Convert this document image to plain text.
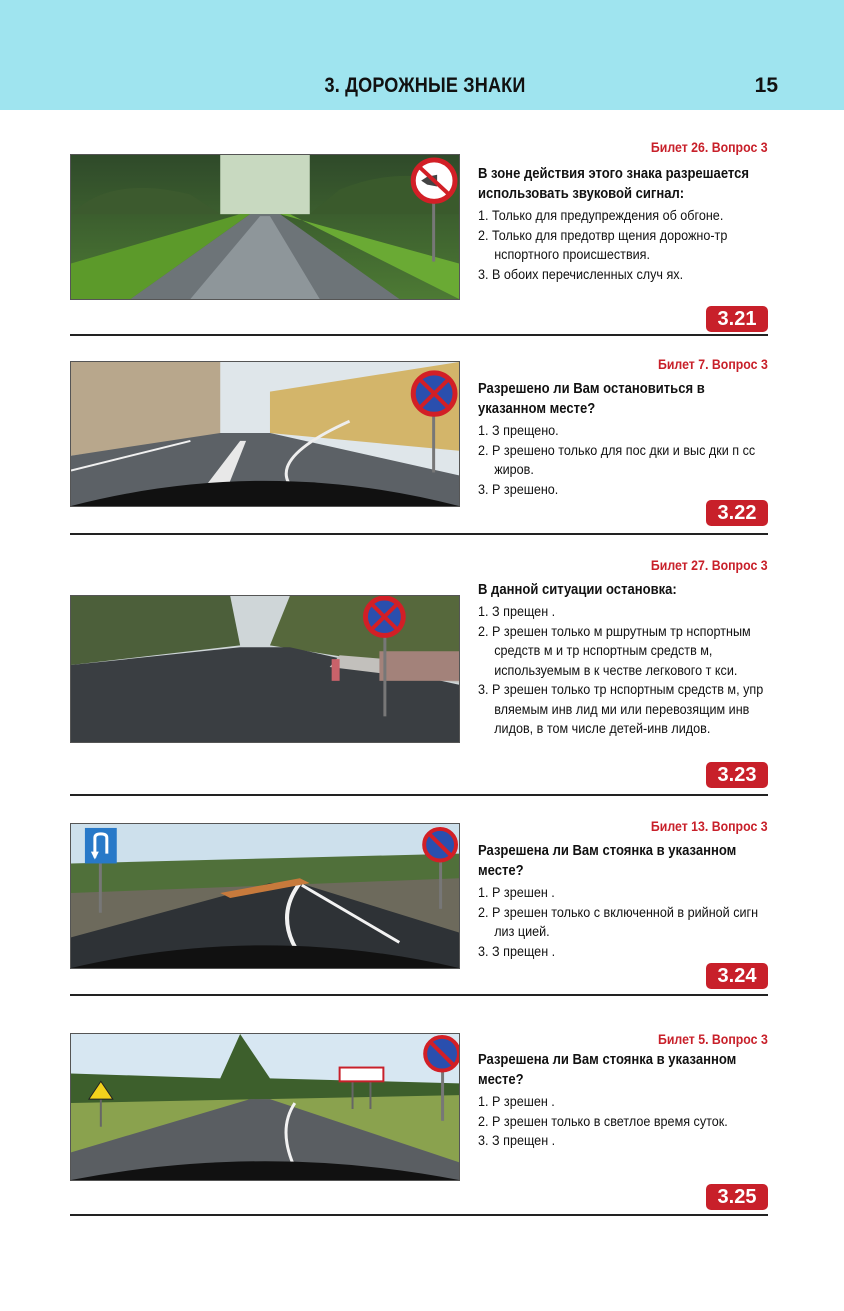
3. ДОРОЖНЫЕ ЗНАКИ	15
Билет 26. Вопрос 3

В зоне действия этого знака разрешается использовать звуковой сигнал:

1. Только для предупреждения об обгоне.
2. Только для предотвр щения дорожно-тр нспортного происшествия.
3. В обоих перечисленных случ ях.
3.21
Билет 7. Вопрос 3

Разрешено ли Вам остановиться в указанном месте?

1. З прещено.
2. Р зрешено только для пос дки и выс дки п сс жиров.
3. Р зрешено.
3.22
Билет 27. Вопрос 3

В данной ситуации остановка:

1. З прещен .
2. Р зрешен только м ршрутным тр нспортным средств м и тр нспортным средств м, используемым в к честве легкового т кси.
3. Р зрешен только тр нспортным средств м, упр вляемым инв лид ми или перевозящим инв лидов, в том числе детей-инв лидов.
3.23
Билет 13. Вопрос 3

Разрешена ли Вам стоянка в указанном месте?

1. Р зрешен .
2. Р зрешен только с включенной в рийной сигн лиз цией.
3. З прещен .
3.24
Билет 5. Вопрос 3

Разрешена ли Вам стоянка в указанном месте?

1. Р зрешен .
2. Р зрешен только в светлое время суток.
3. З прещен .
3.25
